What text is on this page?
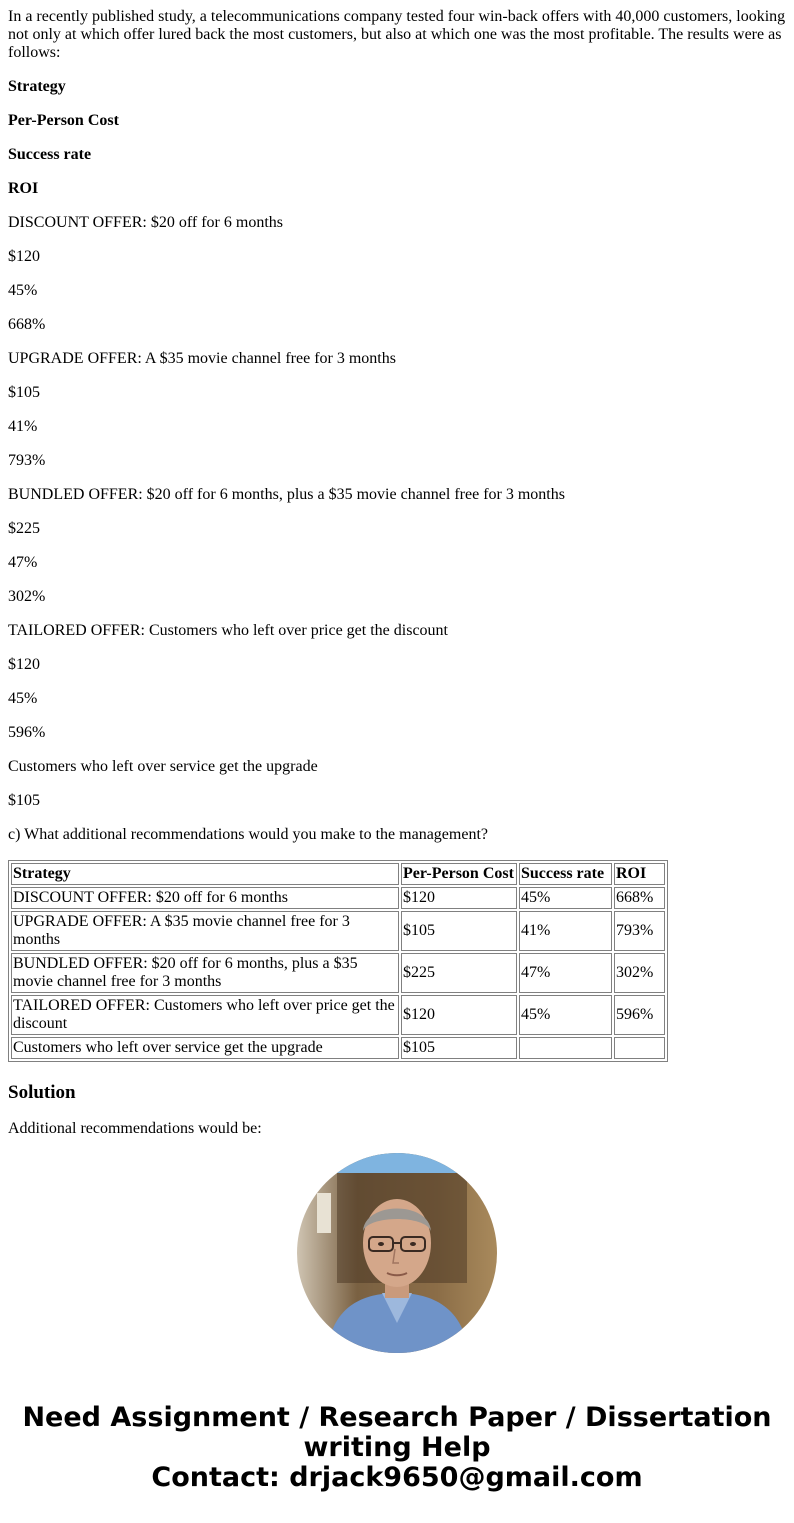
In a recently published study, a telecommunications company tested four win-back offers with 40,000 customers, looking not only at which offer lured back the most customers, but also at which one was the most profitable. The results were as follows:

Strategy

Per-Person Cost

Success rate

ROI

DISCOUNT OFFER: $20 off for 6 months

$120

45%

668%

UPGRADE OFFER: A $35 movie channel free for 3 months

$105

41%

793%

BUNDLED OFFER: $20 off for 6 months, plus a $35 movie channel free for 3 months

$225

47%

302%

TAILORED OFFER: Customers who left over price get the discount

$120

45%

596%

Customers who left over service get the upgrade

$105

c) What additional recommendations would you make to the management?

Strategy	Per-Person Cost	Success rate	ROI
DISCOUNT OFFER: $20 off for 6 months	$120	45%	668%
UPGRADE OFFER: A $35 movie channel free for 3 months	$105	41%	793%
BUNDLED OFFER: $20 off for 6 months, plus a $35 movie channel free for 3 months	$225	47%	302%
TAILORED OFFER: Customers who left over price get the discount	$120	45%	596%
Customers who left over service get the upgrade	$105		
Solution

Additional recommendations would be:

Need Assignment / Research Paper / Dissertation
writing Help
Contact: drjack9650@gmail.com
